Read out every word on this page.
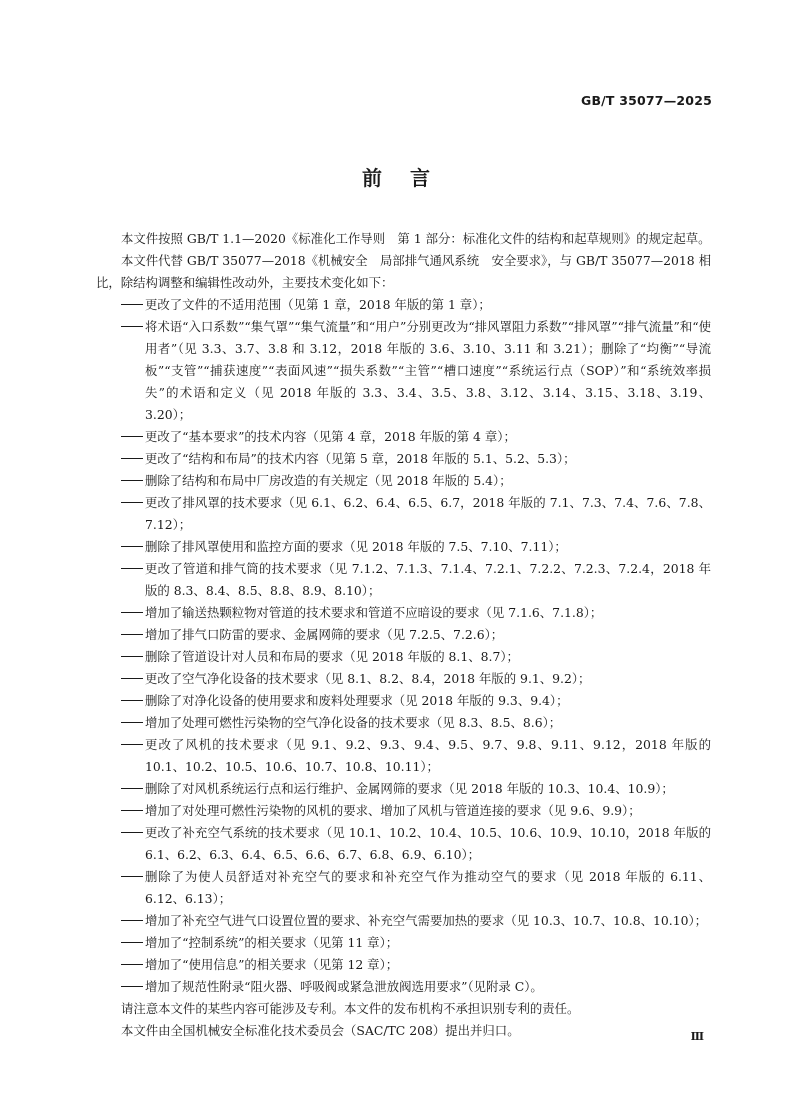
GB/T 35077—2025
前言

本文件按照 GB/T 1.1—2020《标准化工作导则　第 1 部分：标准化文件的结构和起草规则》的规定起草。

本文件代替 GB/T 35077—2018《机械安全　局部排气通风系统　安全要求》，与 GB/T 35077—2018 相比，除结构调整和编辑性改动外，主要技术变化如下：

更改了文件的不适用范围（见第 1 章，2018 年版的第 1 章）；
将术语“入口系数”“集气罩”“集气流量”和“用户”分别更改为“排风罩阻力系数”“排风罩”“排气流量”和“使用者”（见 3.3、3.7、3.8 和 3.12，2018 年版的 3.6、3.10、3.11 和 3.21）；删除了“均衡”“导流板”“支管”“捕获速度”“表面风速”“损失系数”“主管”“槽口速度”“系统运行点（SOP）”和“系统效率损失”的术语和定义（见 2018 年版的 3.3、3.4、3.5、3.8、3.12、3.14、3.15、3.18、3.19、3.20）；
更改了“基本要求”的技术内容（见第 4 章，2018 年版的第 4 章）；
更改了“结构和布局”的技术内容（见第 5 章，2018 年版的 5.1、5.2、5.3）；
删除了结构和布局中厂房改造的有关规定（见 2018 年版的 5.4）；
更改了排风罩的技术要求（见 6.1、6.2、6.4、6.5、6.7，2018 年版的 7.1、7.3、7.4、7.6、7.8、7.12）；
删除了排风罩使用和监控方面的要求（见 2018 年版的 7.5、7.10、7.11）；
更改了管道和排气筒的技术要求（见 7.1.2、7.1.3、7.1.4、7.2.1、7.2.2、7.2.3、7.2.4，2018 年版的 8.3、8.4、8.5、8.8、8.9、8.10）；
增加了输送热颗粒物对管道的技术要求和管道不应暗设的要求（见 7.1.6、7.1.8）；
增加了排气口防雷的要求、金属网筛的要求（见 7.2.5、7.2.6）；
删除了管道设计对人员和布局的要求（见 2018 年版的 8.1、8.7）；
更改了空气净化设备的技术要求（见 8.1、8.2、8.4，2018 年版的 9.1、9.2）；
删除了对净化设备的使用要求和废料处理要求（见 2018 年版的 9.3、9.4）；
增加了处理可燃性污染物的空气净化设备的技术要求（见 8.3、8.5、8.6）；
更改了风机的技术要求（见 9.1、9.2、9.3、9.4、9.5、9.7、9.8、9.11、9.12，2018 年版的 10.1、10.2、10.5、10.6、10.7、10.8、10.11）；
删除了对风机系统运行点和运行维护、金属网筛的要求（见 2018 年版的 10.3、10.4、10.9）；
增加了对处理可燃性污染物的风机的要求、增加了风机与管道连接的要求（见 9.6、9.9）；
更改了补充空气系统的技术要求（见 10.1、10.2、10.4、10.5、10.6、10.9、10.10，2018 年版的 6.1、6.2、6.3、6.4、6.5、6.6、6.7、6.8、6.9、6.10）；
删除了为使人员舒适对补充空气的要求和补充空气作为推动空气的要求（见 2018 年版的 6.11、6.12、6.13）；
增加了补充空气进气口设置位置的要求、补充空气需要加热的要求（见 10.3、10.7、10.8、10.10）；
增加了“控制系统”的相关要求（见第 11 章）；
增加了“使用信息”的相关要求（见第 12 章）；
增加了规范性附录“阻火器、呼吸阀或紧急泄放阀选用要求”（见附录 C）。

请注意本文件的某些内容可能涉及专利。本文件的发布机构不承担识别专利的责任。

本文件由全国机械安全标准化技术委员会（SAC/TC 208）提出并归口。	Ⅲ
